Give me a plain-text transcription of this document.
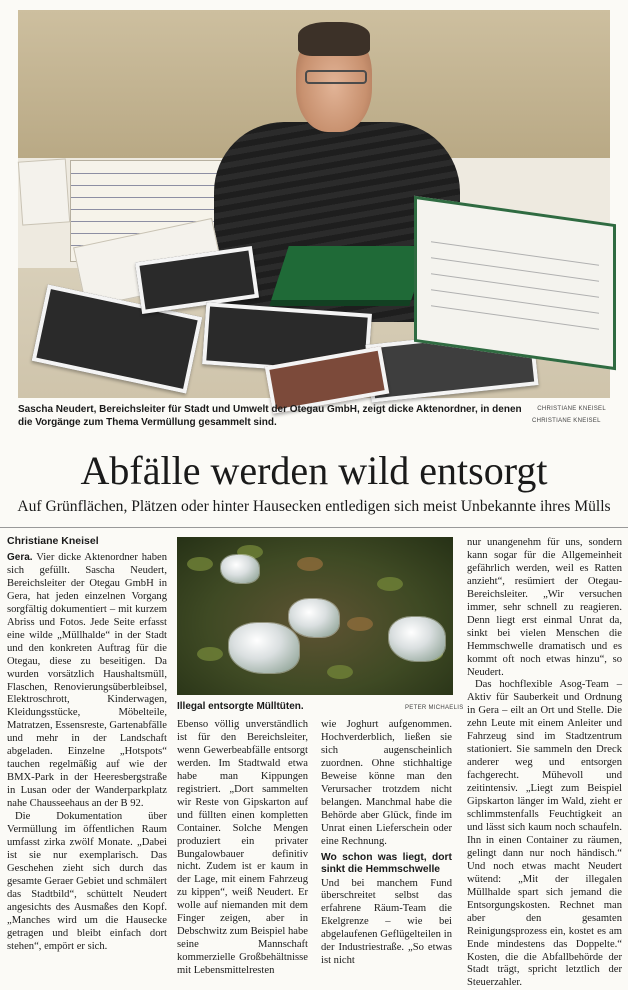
CHRISTIANE KNEISEL
CHRISTIANE KNEISEL
Sascha Neudert, Bereichsleiter für Stadt und Umwelt der Otegau GmbH, zeigt dicke Aktenordner, in denen die Vorgänge zum Thema Vermüllung gesammelt sind.
Abfälle werden wild entsorgt
Auf Grünflächen, Plätzen oder hinter Hausecken entledigen sich meist Unbekannte ihres Mülls
Christiane Kneisel

Gera. Vier dicke Aktenordner haben sich gefüllt. Sascha Neudert, Bereichsleiter der Otegau GmbH in Gera, hat jeden einzelnen Vorgang sorgfältig dokumentiert – mit kurzem Abriss und Fotos. Jede Seite erfasst eine wilde „Müllhalde“ in der Stadt und den konkreten Auftrag für die Otegau, diese zu beseitigen. Da wurden vorsätzlich Haushaltsmüll, Flaschen, Renovierungsüberbleibsel, Elektroschrott, Kinderwagen, Kleidungsstücke, Möbelteile, Matratzen, Essensreste, Gartenabfälle und mehr in der Landschaft abgeladen. Einzelne „Hotspots“ tauchen regelmäßig auf wie der BMX-Park in der Heeresbergstraße in Lusan oder der Wanderparkplatz nahe Chausseehaus an der B 92.

Die Dokumentation über Vermüllung im öffentlichen Raum umfasst zirka zwölf Monate. „Dabei ist sie nur exemplarisch. Das Geschehen zieht sich durch das gesamte Geraer Gebiet und schmälert das Stadtbild“, schüttelt Neudert angesichts des Ausmaßes den Kopf. „Manches wird um die Hausecke getragen und bleibt einfach dort stehen“, empört er sich.

Illegal entsorgte Mülltüten.	PETER MICHAELIS

Ebenso völlig unverständlich ist für den Bereichsleiter, wenn Gewerbeabfälle entsorgt werden. Im Stadtwald etwa habe man Kippungen registriert. „Dort sammelten wir Reste von Gipskarton auf und füllten einen kompletten Container. Solche Mengen produziert ein privater Bungalowbauer definitiv nicht. Zudem ist er kaum in der Lage, mit einem Fahrzeug zu kippen“, weiß Neudert. Er wolle auf niemanden mit dem Finger zeigen, aber in Debschwitz zum Beispiel habe seine Mannschaft kommerzielle Großbehältnisse mit Lebensmittelresten

wie Joghurt aufgenommen. Hochverderblich, ließen sie sich augenscheinlich zuordnen. Ohne stichhaltige Beweise könne man den Verursacher trotzdem nicht belangen. Manchmal habe die Behörde aber Glück, finde im Unrat einen Lieferschein oder eine Rechnung.

Wo schon was liegt, dort sinkt die Hemmschwelle

Und bei manchem Fund überschreitet selbst das erfahrene Räum-Team die Ekelgrenze – wie bei abgelaufenen Geflügelteilen in der Industriestraße. „So etwas ist nicht

nur unangenehm für uns, sondern kann sogar für die Allgemeinheit gefährlich werden, weil es Ratten anzieht“, resümiert der Otegau-Bereichsleiter. „Wir versuchen immer, sehr schnell zu reagieren. Denn liegt erst einmal Unrat da, sinkt bei vielen Menschen die Hemmschwelle dramatisch und es kommt oft noch etwas hinzu“, so Neudert.

Das hochflexible Asog-Team – Aktiv für Sauberkeit und Ordnung in Gera – eilt an Ort und Stelle. Die zehn Leute mit einem Anleiter und Fahrzeug sind im Stadtzentrum stationiert. Sie sammeln den Dreck anderer weg und entsorgen fachgerecht. Mühevoll und zeitintensiv. „Liegt zum Beispiel Gipskarton länger im Wald, zieht er schlimmstenfalls Feuchtigkeit an und lässt sich kaum noch schaufeln. Ihn in einen Container zu räumen, gelingt dann nur noch händisch.“ Und noch etwas macht Neudert wütend: „Mit der illegalen Müllhalde spart sich jemand die Entsorgungskosten. Rechnet man aber den gesamten Reinigungsprozess ein, kostet es am Ende mindestens das Doppelte.“ Kosten, die die Abfallbehörde der Stadt trägt, spricht letztlich der Steuerzahler.
